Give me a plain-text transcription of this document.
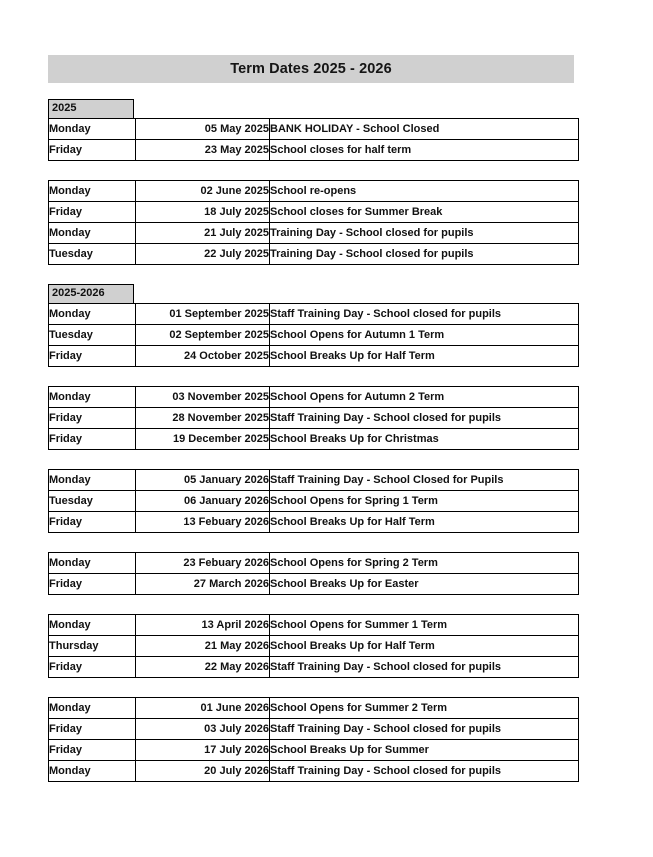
Term Dates 2025 - 2026
2025
Monday	05 May 2025	BANK HOLIDAY - School Closed
Friday	23 May 2025	School closes for half term
Monday	02 June 2025	School re-opens
Friday	18 July 2025	School closes for Summer Break
Monday	21 July 2025	Training Day - School closed for pupils
Tuesday	22 July 2025	Training Day - School closed for pupils
2025-2026
Monday	01 September 2025	Staff Training Day - School closed for pupils
Tuesday	02 September 2025	School Opens for Autumn 1 Term
Friday	24 October 2025	School Breaks Up for Half Term
Monday	03 November 2025	School Opens for Autumn 2 Term
Friday	28 November 2025	Staff Training Day - School closed for pupils
Friday	19 December 2025	School Breaks Up for Christmas
Monday	05 January 2026	Staff Training Day - School Closed for Pupils
Tuesday	06 January 2026	School Opens for Spring 1 Term
Friday	13 Febuary 2026	School Breaks Up for Half Term
Monday	23 Febuary 2026	School Opens for Spring 2 Term
Friday	27 March 2026	School Breaks Up for Easter
Monday	13 April 2026	School Opens for Summer 1 Term
Thursday	21 May 2026	School Breaks Up for Half Term
Friday	22 May 2026	Staff Training Day - School closed for pupils
Monday	01 June 2026	School Opens for Summer 2 Term
Friday	03 July 2026	Staff Training Day - School closed for pupils
Friday	17 July 2026	School Breaks Up for Summer
Monday	20 July 2026	Staff Training Day - School closed for pupils
